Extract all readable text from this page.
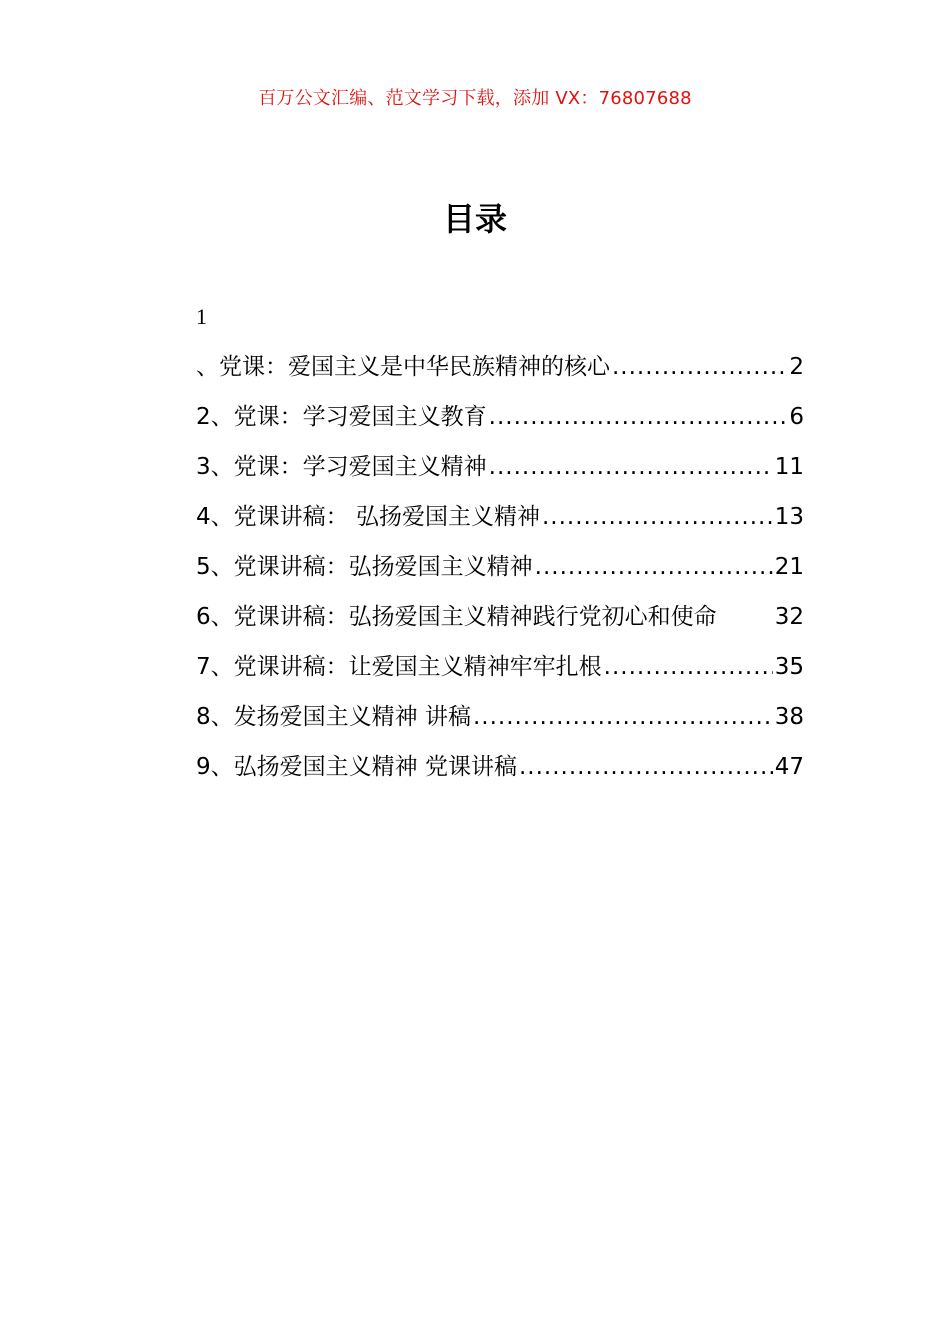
百万公文汇编、范文学习下载，添加 VX：76807688
目录
1
、党课：爱国主义是中华民族精神的核心 .....	2
2、党课：学习爱国主义教育 .....	6
3、党课：学习爱国主义精神 .....	11
4、党课讲稿： 弘扬爱国主义精神 .....	13
5、党课讲稿：弘扬爱国主义精神 .....	21
6、党课讲稿：弘扬爱国主义精神践行党初心和使命	32
7、党课讲稿：让爱国主义精神牢牢扎根 .....	35
8、发扬爱国主义精神 讲稿 .....	38
9、弘扬爱国主义精神 党课讲稿 .....	47
